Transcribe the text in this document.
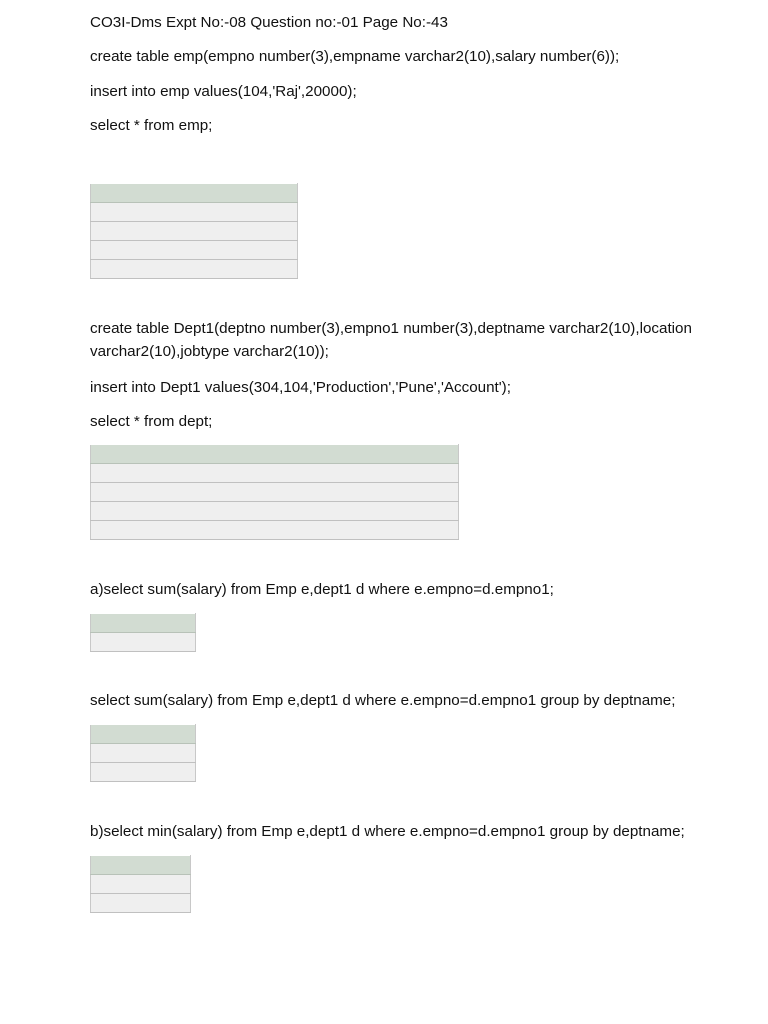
CO3I-Dms Expt No:-08 Question no:-01 Page No:-43

create table emp(empno number(3),empname varchar2(10),salary number(6));

insert into emp values(104,'Raj',20000);

select * from emp;

create table Dept1(deptno number(3),empno1 number(3),deptname varchar2(10),location varchar2(10),jobtype varchar2(10));

insert into Dept1 values(304,104,'Production','Pune','Account');

select * from dept;

a)select sum(salary) from Emp e,dept1 d where e.empno=d.empno1;

select sum(salary) from Emp e,dept1 d where e.empno=d.empno1 group by deptname;

b)select min(salary) from Emp e,dept1 d where e.empno=d.empno1 group by deptname;
